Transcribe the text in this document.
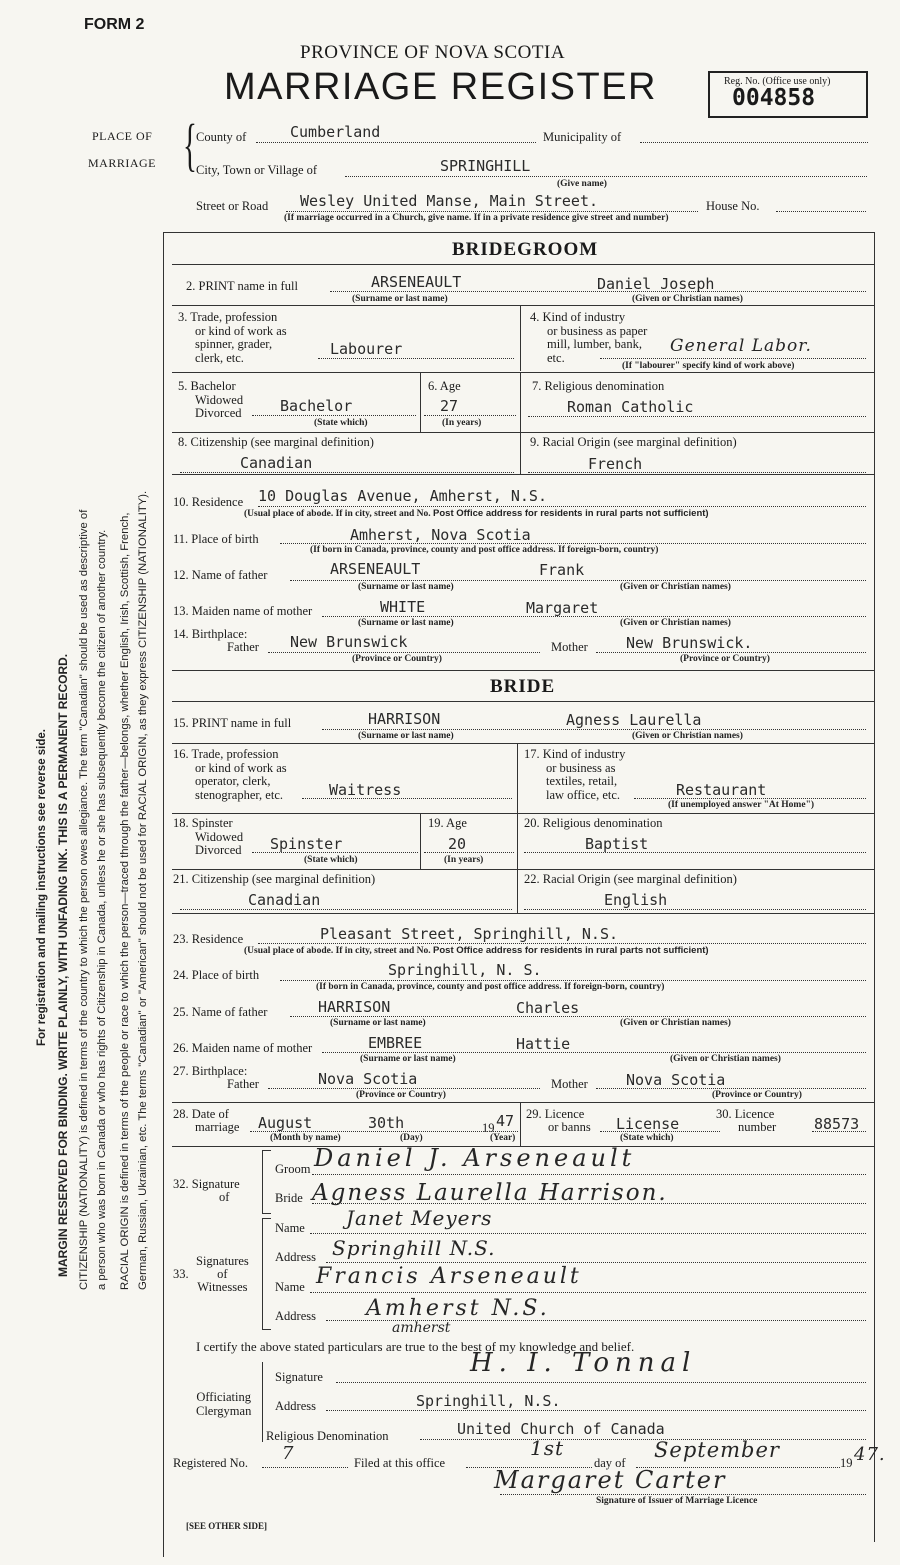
FORM 2
PROVINCE OF NOVA SCOTIA
MARRIAGE REGISTER	Reg. No. (Office use only)
004858
PLACE OF
MARRIAGE { County of	Cumberland	Municipality of
City, Town or Village of	SPRINGHILL
(Give name)
Street or Road Wesley United Manse, Main Street.	House No.
(If marriage occurred in a Church, give name. If in a private residence give street and number)
For registration and mailing instructions see reverse side. MARGIN RESERVED FOR BINDING. WRITE PLAINLY, WITH UNFADING INK. THIS IS A PERMANENT RECORD. CITIZENSHIP (NATIONALITY) is defined in terms of the country to which the person owes allegiance. The term "Canadian" should be used as descriptive of a person who was born in Canada or who has rights of Citizenship in Canada, unless he or she has subsequently become the citizen of another country. RACIAL ORIGIN is defined in terms of the people or race to which the person—traced through the father—belongs, whether English, Irish, Scottish, French, German, Russian, Ukrainian, etc. The terms "Canadian" or "American" should not be used for RACIAL ORIGIN, as they express CITIZENSHIP (NATIONALITY).
BRIDEGROOM
2. PRINT name in full	ARSENEAULT	Daniel Joseph
(Surname or last name)	(Given or Christian names)
3. Trade, profession
or kind of work as
spinner, grader,
clerk, etc.	Labourer
4. Kind of industry
or business as paper
mill, lumber, bank,
etc.
General Labor.
(If "labourer" specify kind of work above)
5. Bachelor
Widowed
Divorced	Bachelor
(State which)
6. Age
27
(In years)
7. Religious denomination
Roman Catholic
8. Citizenship (see marginal definition)
Canadian
9. Racial Origin (see marginal definition)
French
10. Residence 10 Douglas Avenue, Amherst, N.S.
(Usual place of abode. If in city, street and No. Post Office address for residents in rural parts not sufficient)
11. Place of birth	Amherst, Nova Scotia
(If born in Canada, province, county and post office address. If foreign-born, country)
12. Name of father	ARSENEAULT	Frank
(Surname or last name)	(Given or Christian names)
13. Maiden name of mother	WHITE	Margaret
(Surname or last name)	(Given or Christian names)
14. Birthplace:
Father New Brunswick
(Province or Country)
Mother	New Brunswick.
(Province or Country)
BRIDE
15. PRINT name in full	HARRISON	Agness Laurella
(Surname or last name)	(Given or Christian names)
16. Trade, profession
or kind of work as
operator, clerk,
stenographer, etc.	Waitress
17. Kind of industry
or business as
textiles, retail,
law office, etc.	Restaurant
(If unemployed answer "At Home")
18. Spinster
Widowed
Divorced Spinster
(State which)
19. Age
20
(In years)
20. Religious denomination
Baptist
21. Citizenship (see marginal definition)
Canadian
22. Racial Origin (see marginal definition)
English
23. Residence	Pleasant Street, Springhill, N.S.
(Usual place of abode. If in city, street and No. Post Office address for residents in rural parts not sufficient)
24. Place of birth	Springhill, N. S.
(If born in Canada, province, county and post office address. If foreign-born, country)
25. Name of father	HARRISON	Charles
(Surname or last name)	(Given or Christian names)
26. Maiden name of mother	EMBREE	Hattie
(Surname or last name)	(Given or Christian names)
27. Birthplace:
Father	Nova Scotia
(Province or Country)
Mother	Nova Scotia
(Province or Country)
28. Date of
marriage August	30th	19 47
(Month by name)	(Day)	(Year)
29. Licence
or banns License
(State which)
30. Licence
number	88573
32. Signature
of
Groom Daniel J. Arseneault
Bride Agness Laurella Harrison.
33.
Signatures
of
Witnesses
Name Janet Meyers
Address Springhill N.S.
Name Francis Arseneault
Address Amherst N.S.
amherst
I certify the above stated particulars are true to the best of my knowledge and belief.
Officiating
Clergyman
Signature	H. I. Tonnal
Address	Springhill, N.S.
Religious Denomination	United Church of Canada
Registered No. 7	Filed at this office
1st
day of
September
19 47.
Margaret Carter
Signature of Issuer of Marriage Licence
[SEE OTHER SIDE]
